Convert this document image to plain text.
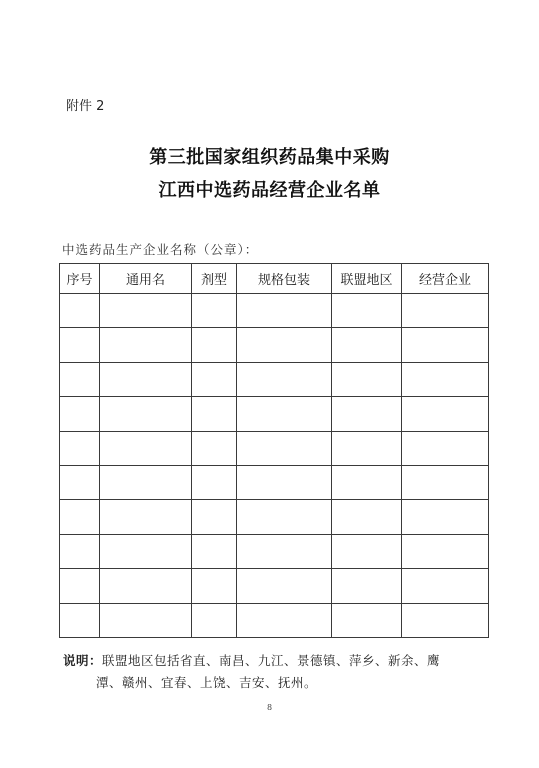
附件 2
第三批国家组织药品集中采购
江西中选药品经营企业名单
中选药品生产企业名称（公章）：
序号	通用名	剂型	规格包装	联盟地区	经营企业

说明：联盟地区包括省直、南昌、九江、景德镇、萍乡、新余、鹰
潭、赣州、宜春、上饶、吉安、抚州。
8
